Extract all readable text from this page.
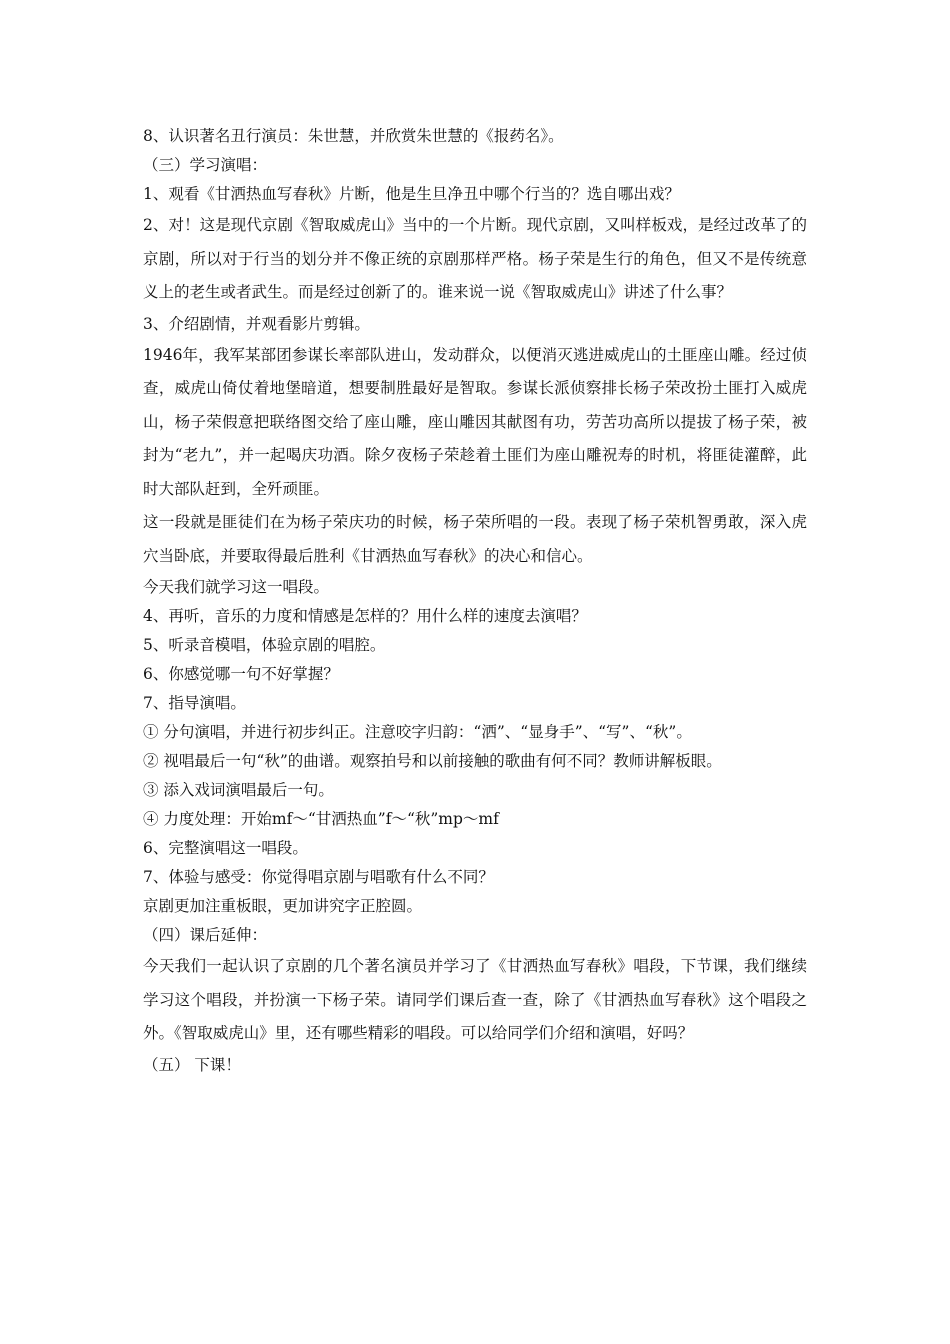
8、认识著名丑行演员：朱世慧，并欣赏朱世慧的《报药名》。
（三）学习演唱：
1、观看《甘洒热血写春秋》片断，他是生旦净丑中哪个行当的？选自哪出戏？
2、对！这是现代京剧《智取威虎山》当中的一个片断。现代京剧，又叫样板戏，是经过改革了的京剧，所以对于行当的划分并不像正统的京剧那样严格。杨子荣是生行的角色，但又不是传统意义上的老生或者武生。而是经过创新了的。谁来说一说《智取威虎山》讲述了什么事？
3、介绍剧情，并观看影片剪辑。
1946年，我军某部团参谋长率部队进山，发动群众，以便消灭逃进威虎山的土匪座山雕。经过侦查，威虎山倚仗着地堡暗道，想要制胜最好是智取。参谋长派侦察排长杨子荣改扮土匪打入威虎山，杨子荣假意把联络图交给了座山雕，座山雕因其献图有功，劳苦功高所以提拔了杨子荣，被封为“老九”，并一起喝庆功酒。除夕夜杨子荣趁着土匪们为座山雕祝寿的时机，将匪徒灌醉，此时大部队赶到，全歼顽匪。
这一段就是匪徒们在为杨子荣庆功的时候，杨子荣所唱的一段。表现了杨子荣机智勇敢，深入虎穴当卧底，并要取得最后胜利《甘洒热血写春秋》的决心和信心。
今天我们就学习这一唱段。
4、再听，音乐的力度和情感是怎样的？用什么样的速度去演唱？
5、听录音模唱，体验京剧的唱腔。
6、你感觉哪一句不好掌握？
7、指导演唱。
① 分句演唱，并进行初步纠正。注意咬字归韵：“洒”、“显身手”、“写”、“秋”。
② 视唱最后一句“秋”的曲谱。观察拍号和以前接触的歌曲有何不同？教师讲解板眼。
③ 添入戏词演唱最后一句。
④ 力度处理：开始mf～“甘洒热血”f～“秋”mp～mf
6、完整演唱这一唱段。
7、体验与感受：你觉得唱京剧与唱歌有什么不同？
京剧更加注重板眼，更加讲究字正腔圆。
（四）课后延伸：
今天我们一起认识了京剧的几个著名演员并学习了《甘洒热血写春秋》唱段，下节课，我们继续学习这个唱段，并扮演一下杨子荣。请同学们课后查一查，除了《甘洒热血写春秋》这个唱段之外。《智取威虎山》里，还有哪些精彩的唱段。可以给同学们介绍和演唱，好吗？
（五） 下课！
